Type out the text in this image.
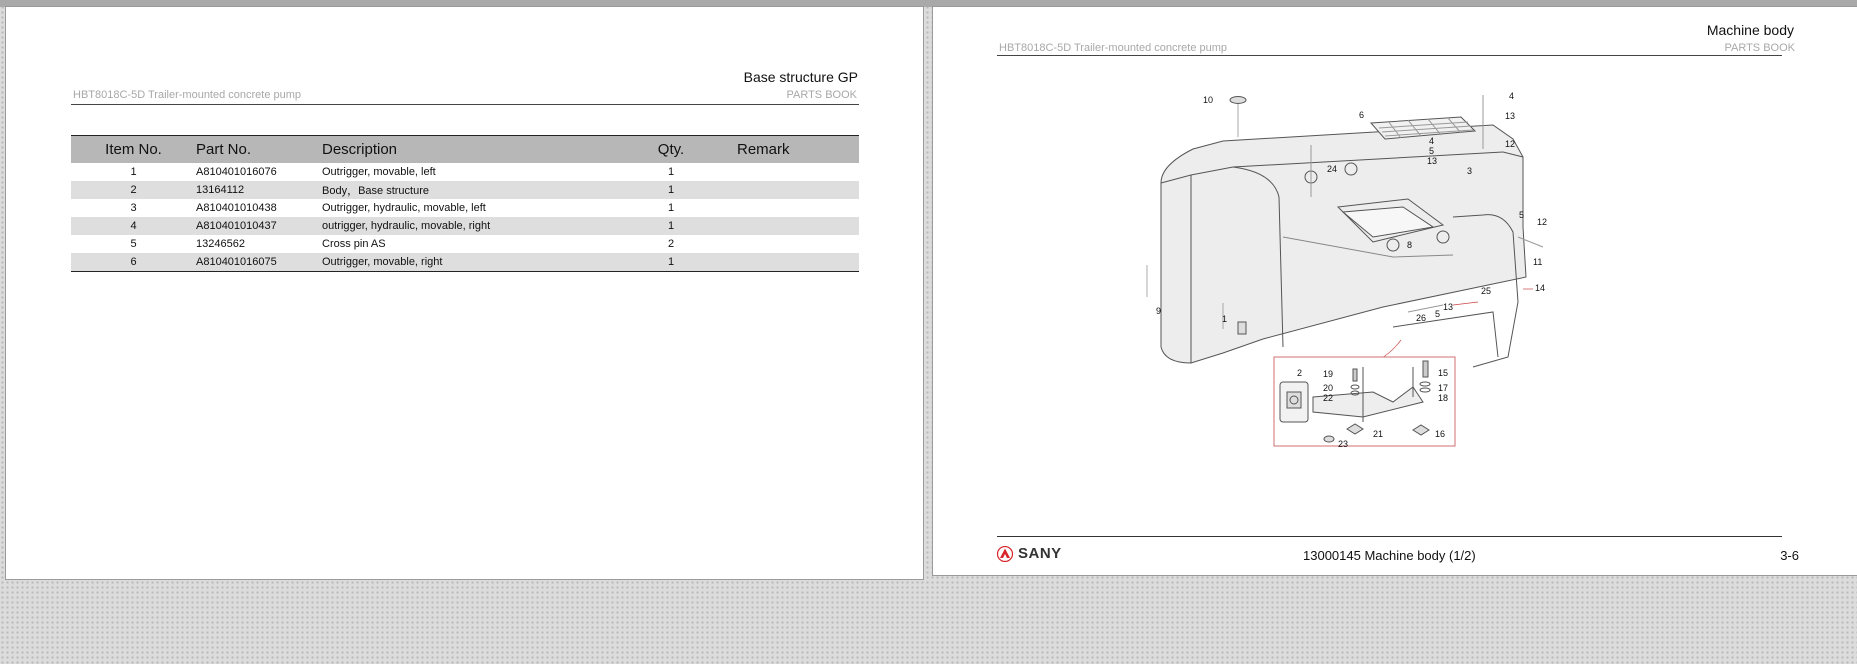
Base structure GP
HBT8018C-5D Trailer-mounted concrete pump	PARTS BOOK
Item No.	Part No.	Description	Qty.	Remark
1	A810401016076	Outrigger, movable, left	1	
2	13164112	Body，Base structure	1	
3	A810401010438	Outrigger, hydraulic, movable, left	1	
4	A810401010437	outrigger, hydraulic, movable, right	1	
5	13246562	Cross pin AS	2	
6	A810401016075	Outrigger, movable, right	1	
Machine body
HBT8018C-5D Trailer-mounted concrete pump	PARTS BOOK
4
13
6
12
10
4
5
13
24	3
5
12
8
11
14
25
13
5
26
9
1
2 19
20
22
15
17
18
21	16
23
SANY	13000145 Machine body (1/2)	3-6
